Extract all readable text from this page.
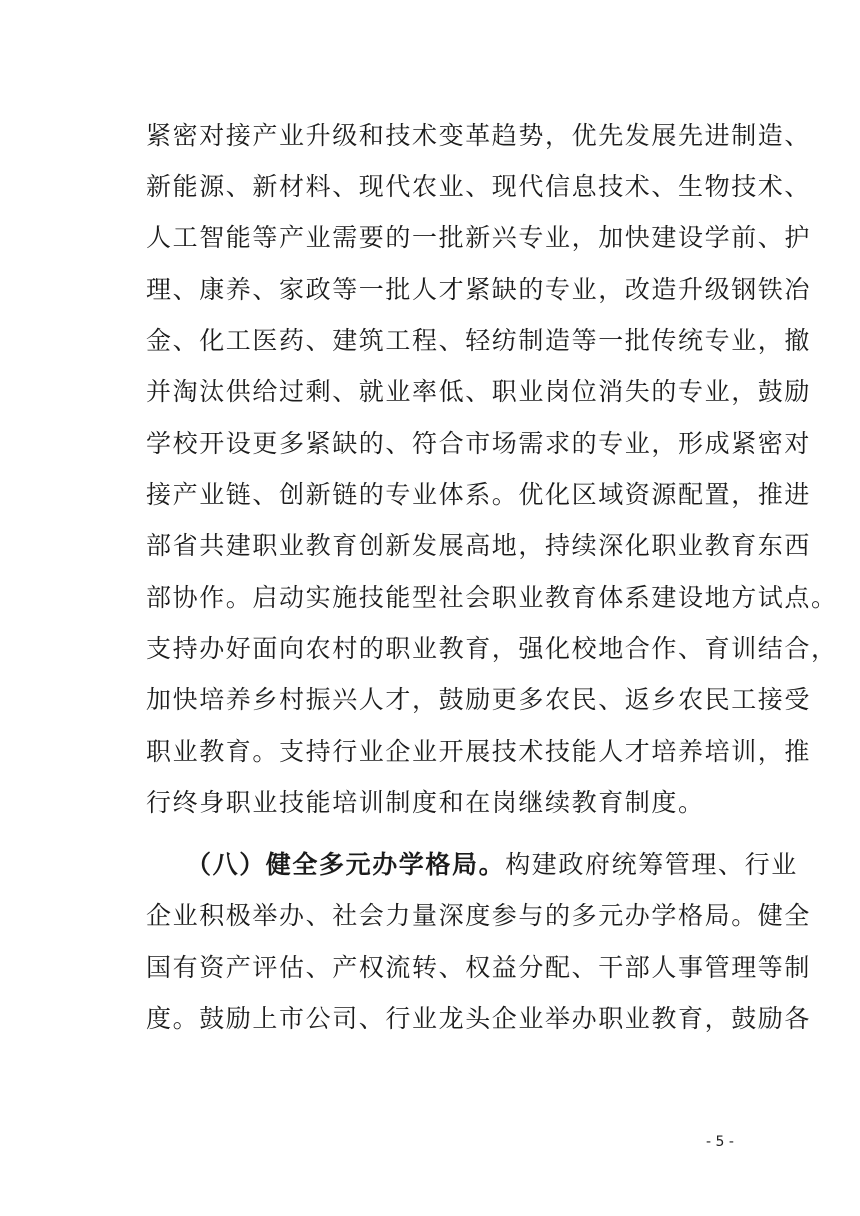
紧密对接产业升级和技术变革趋势，优先发展先进制造、
新能源、新材料、现代农业、现代信息技术、生物技术、
人工智能等产业需要的一批新兴专业，加快建设学前、护
理、康养、家政等一批人才紧缺的专业，改造升级钢铁冶
金、化工医药、建筑工程、轻纺制造等一批传统专业，撤
并淘汰供给过剩、就业率低、职业岗位消失的专业，鼓励
学校开设更多紧缺的、符合市场需求的专业，形成紧密对
接产业链、创新链的专业体系。优化区域资源配置，推进
部省共建职业教育创新发展高地，持续深化职业教育东西
部协作。启动实施技能型社会职业教育体系建设地方试点。
支持办好面向农村的职业教育，强化校地合作、育训结合，
加快培养乡村振兴人才，鼓励更多农民、返乡农民工接受
职业教育。支持行业企业开展技术技能人才培养培训，推
行终身职业技能培训制度和在岗继续教育制度。
（八）健全多元办学格局。构建政府统筹管理、行业
企业积极举办、社会力量深度参与的多元办学格局。健全
国有资产评估、产权流转、权益分配、干部人事管理等制
度。鼓励上市公司、行业龙头企业举办职业教育，鼓励各
- 5 -
